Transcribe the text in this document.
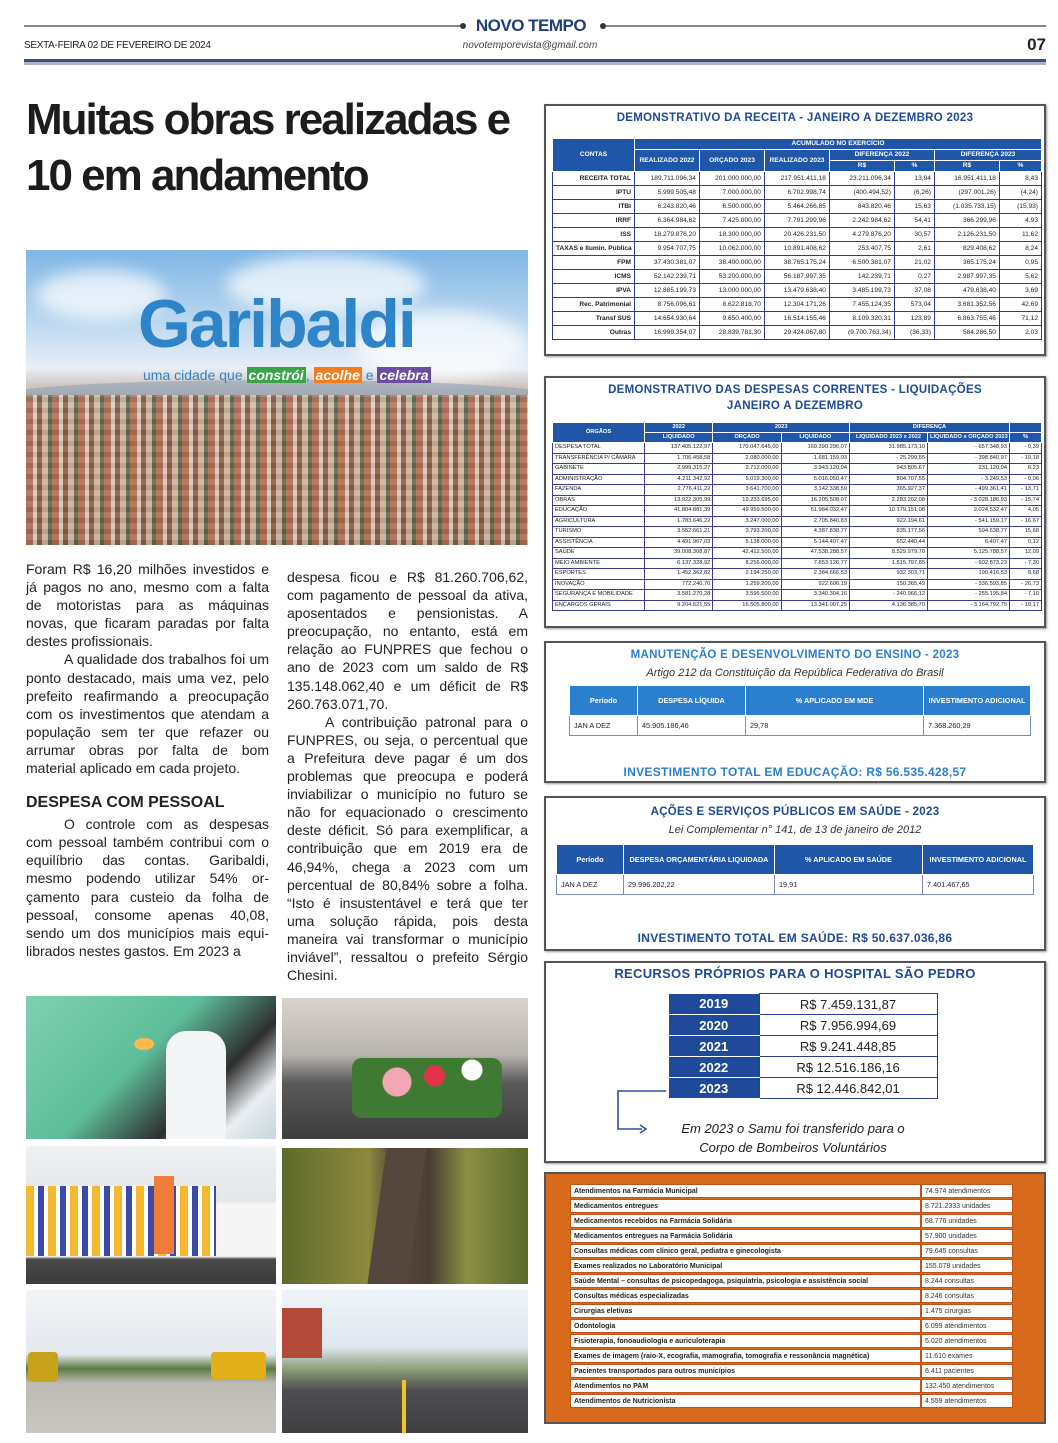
NOVO TEMPO
novotemporevista@gmail.com
SEXTA-FEIRA 02 DE FEVEREIRO DE 2024	07
Muitas obras realizadas e 10 em andamento
Garibaldi
uma cidade que constrói , acolhe e celebra

Foram R$ 16,20 milhões investidos e já pagos no ano, mesmo com a falta de motoristas para as máquinas novas, que ficaram paradas por falta destes profissionais.

A qualidade dos trabalhos foi um ponto destacado, mais uma vez, pelo prefeito reafirmando a preocupação com os investimentos que atendam a população sem ter que refazer ou arrumar obras por falta de bom material aplicado em cada projeto.

DESPESA COM PESSOAL

O controle com as despesas com pessoal também contribui com o equilíbrio das contas. Garibaldi, mesmo podendo utilizar 54% orçamento para custeio da folha de pessoal, consome apenas 40,08, sendo um dos municípios mais equilibrados nestes gastos. Em 2023 a

despesa ficou e R$ 81.260.706,62, com pagamento de pessoal da ativa, aposentados e pensionistas. A preocupação, no entanto, está em relação ao FUNPRES que fechou o ano de 2023 com um saldo de R$ 135.148.062,40 e um déficit de R$ 260.763.071,70.

A contribuição patronal para o FUNPRES, ou seja, o percentual que a Prefeitura deve pagar é um dos problemas que preocupa e poderá inviabilizar o município no futuro se não for equacionado o crescimento deste déficit. Só para exemplificar, a contribuição que em 2019 era de 46,94%, chega a 2023 com um percentual de 80,84% sobre a folha. “Isto é insustentável e terá que ter uma solução rápida, pois desta maneira vai transformar o município inviável”, ressaltou o prefeito Sérgio Chesini.

DEMONSTRATIVO DA RECEITA - JANEIRO A DEZEMBRO 2023
CONTAS	ACUMULADO NO EXERCÍCIO						
	REALIZADO 2022	ORÇADO 2023	REALIZADO 2023	DIFERENÇA 2022		DIFERENÇA 2023	
				R$	%	R$	%
RECEITA TOTAL	189.711.096,34	201.000.000,00	217.951.411,18	23.211.096,34	13,94	16.951.411,18	8,43
IPTU	5.999.505,48	7.000.000,00	6.702.998,74	(400.494,52)	(6,26)	(297.001,26)	(4,24)
ITBI	6.243.820,46	6.500.000,00	5.464.266,85	843.820,46	15,63	(1.035.733,15)	(15,93)
IRRF	6.364.984,62	7.425.000,00	7.791.299,96	2.242.984,62	54,41	366.299,96	4,93
ISS	18.279.876,20	18.300.000,00	20.426.231,50	4.279.876,20	30,57	2.126.231,50	11,62
TAXAS e Ilumin. Pública	9.954.707,75	10.062.000,00	10.891.408,62	253.407,75	2,61	829.408,62	8,24
FPM	37.430.381,07	38.400.000,00	38.765.175,24	6.500.381,07	21,02	365.175,24	0,95
ICMS	52.142.239,71	53.200.000,00	56.187.997,35	142.239,71	0,27	2.987.997,35	5,62
IPVA	12.885.199,73	13.000.000,00	13.479.638,40	3.485.199,73	37,08	479.638,40	3,69
Rec. Patrimonial	8.756.096,61	8.622.818,70	12.304.171,26	7.455.124,35	573,04	3.681.352,56	42,69
Transf SUS	14.654.930,64	9.650.400,00	16.514.155,46	8.109.320,31	123,89	6.863.755,46	71,12
Outras	16.999.354,07	28.839.781,30	29.424.067,80	(9.700.763,34)	(36,33)	584.286,50	2,03
DEMONSTRATIVO DAS DESPESAS CORRENTES - LIQUIDAÇÕES
JANEIRO A DEZEMBRO
ÓRGÃOS	2022	2023		DIFERENÇA		
	LIQUIDADO	ORÇADO	LIQUIDADO	LIQUIDADO 2023 x 2022	LIQUIDADO x ORÇADO 2023	%
DESPESA TOTAL	137.405.122,97	170.047.645,00	169.390.296,07	31.985.173,10	- 657.348,93	- 0,39
TRANSFERÊNCIA P/ CÂMARA	1.706.458,58	2.080.000,00	1.681.159,03	- 25.299,55	- 398.840,97	- 19,18
GABINETE	2.999.315,27	3.712.000,00	3.943.120,94	943.805,67	231.120,94	6,23
ADMINISTRAÇÃO	4.211.342,92	5.019.300,00	5.016.050,47	804.707,55	- 3.249,53	- 0,06
FAZENDA	2.776.411,22	3.641.700,00	3.142.338,59	365.927,37	- 499.361,41	- 13,71
OBRAS	13.922.305,99	19.233.695,00	16.205.508,07	2.283.202,08	- 3.028.186,93	- 15,74
EDUCAÇÃO	41.804.881,39	49.959.500,00	51.984.032,47	10.179.151,08	2.024.532,47	4,05
AGRICULTURA	1.783.646,22	3.247.000,00	2.705.840,83	922.194,61	- 541.159,17	- 16,67
TURISMO	3.552.661,21	3.793.200,00	4.387.838,77	835.177,56	594.638,77	15,68
ASSISTÊNCIA	4.491.967,03	5.138.000,00	5.144.407,47	652.440,44	6.407,47	0,12
SAÚDE	39.008.308,87	42.412.500,00	47.538.288,57	8.529.979,70	5.125.788,57	12,09
MEIO AMBIENTE	6.137.328,92	8.256.000,00	7.653.126,77	1.515.797,85	- 602.873,23	- 7,30
ESPORTES	1.452.362,82	2.194.250,00	2.384.666,53	932.303,71	190.416,53	8,68
INOVAÇÃO	772.240,70	1.259.200,00	922.606,19	150.365,49	- 336.593,85	- 26,73
SEGURANÇA E MOBILIDADE	3.581.270,28	3.595.500,00	3.340.304,16	- 240.966,12	- 255.195,84	- 7,10
ENCARGOS GERAIS	9.204.621,55	16.505.800,00	13.341.007,25	4.136.385,70	- 3.164.792,75	- 19,17
MANUTENÇÃO E DESENVOLVIMENTO DO ENSINO - 2023
Artigo 212 da Constituição da República Federativa do Brasil
Período	DESPESA LÍQUIDA	% APLICADO EM MDE	INVESTIMENTO ADICIONAL
JAN A DEZ	45.905.186,46	29,78	7.368.260,29
INVESTIMENTO TOTAL EM EDUCAÇÃO: R$ 56.535.428,57
AÇÕES E SERVIÇOS PÚBLICOS EM SAÚDE - 2023
Lei Complementar n° 141, de 13 de janeiro de 2012
Período	DESPESA ORÇAMENTÁRIA LIQUIDADA	% APLICADO EM SAÚDE	INVESTIMENTO ADICIONAL
JAN A DEZ	29.996.202,22	19,91	7.401.467,65
INVESTIMENTO TOTAL EM SAÚDE: R$ 50.637.036,86
RECURSOS PRÓPRIOS PARA O HOSPITAL SÃO PEDRO
2019	R$ 7.459.131,87
2020	R$ 7.956.994,69
2021	R$ 9.241.448,85
2022	R$ 12.516.186,16
2023	R$ 12.446.842,01
Em 2023 o Samu foi transferido para o
Corpo de Bombeiros Voluntários
Atendimentos na Farmácia Municipal	74.974 atendimentos
Medicamentos entregues	8.721.2333 unidades
Medicamentos recebidos na Farmácia Solidária	68.776 unidades
Medicamentos entregues na Farmácia Solidária	57.900 unidades
Consultas médicas com clínico geral, pediatra e ginecologista	79.645 consultas
Exames realizados no Laboratório Municipal	155.078 unidades
Saúde Mental – consultas de psicopedagoga, psiquiatria, psicologia e assistência social	8.244 consultas
Consultas médicas especializadas	8.246 consultas
Cirurgias eletivas	1.475 cirurgias
Odontologia	6.099 atendimentos
Fisioterapia, fonoaudiologia e auriculoterapia	5.020 atendimentos
Exames de imagem (raio-X, ecografia, mamografia, tomografia e ressonância magnética)	11.610 exames
Pacientes transportados para outros municípios	6.411 pacientes
Atendimentos no PAM	132.450 atendimentos
Atendimentos de Nutricionista	4.559 atendimentos
